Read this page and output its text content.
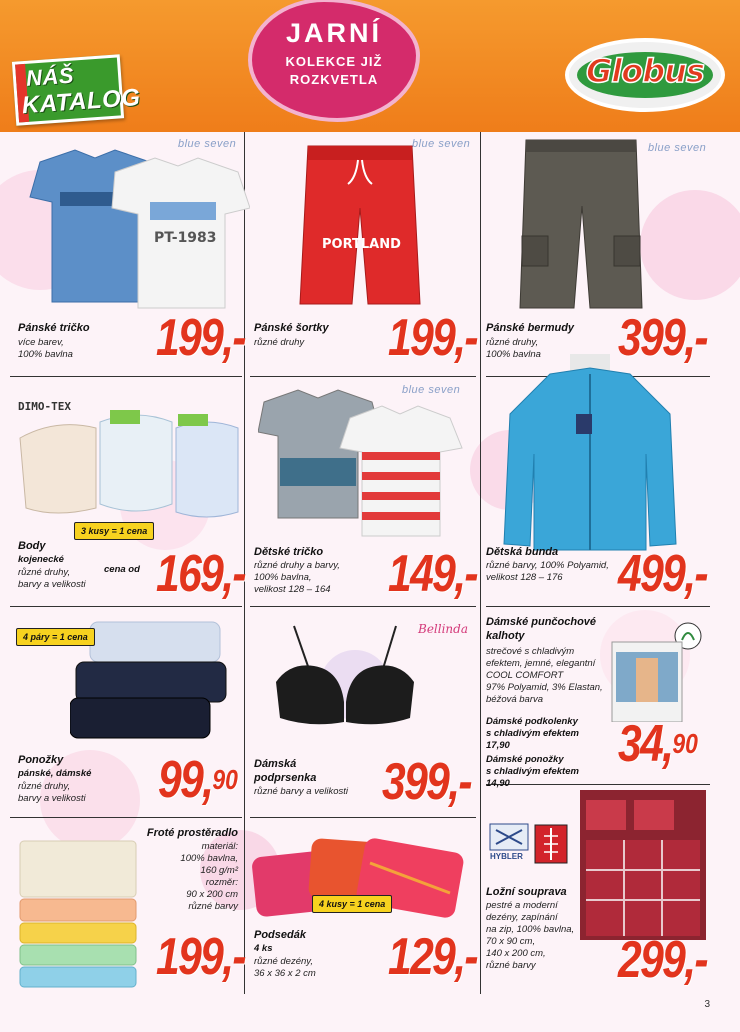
NÁŠ
KATALOG
JARNÍ
KOLEKCE JIŽ
ROZKVETLA	Globus
blue seven
PT-1983
Pánské tričko
více barev,
100% bavlna 199,-
blue seven
PORTLAND
Pánské šortky
různé druhy 199,-
blue seven
Pánské bermudy
různé druhy,
100% bavlna 399,-
DIMO-TEX
3 kusy = 1 cena
Body
kojenecké
různé druhy,
barvy a velikosti
cena od 169,-
blue seven
Dětské tričko
různé druhy a barvy,
100% bavlna,
velikost 128 – 164 149,- Dětská bunda
různé barvy, 100% Polyamid,
velikost 128 – 176 499,-
4 páry = 1 cena
Ponožky
pánské, dámské
různé druhy,
barvy a velikosti 99,90
Bellinda
Dámská
podprsenka
různé barvy a velikosti 399,-
Dámské punčochové
kalhoty
strečové s chladivým
efektem, jemné, elegantní
COOL COMFORT
97% Polyamid, 3% Elastan,
béžová barva
Dámské podkolenky
s chladivým efektem
17,90
Dámské ponožky
s chladivým efektem
14,90
34,90
Froté prostěradlo
materiál:
100% bavlna,
160 g/m²
rozměr:
90 x 200 cm
různé barvy
199,-
4 kusy = 1 cena
Podsedák
4 ks
různé dezény,
36 x 36 x 2 cm 129,-
HYBLER
Ložní souprava
pestré a moderní
dezény, zapínání
na zip, 100% bavlna,
70 x 90 cm,
140 x 200 cm,
různé barvy 299,-
3
